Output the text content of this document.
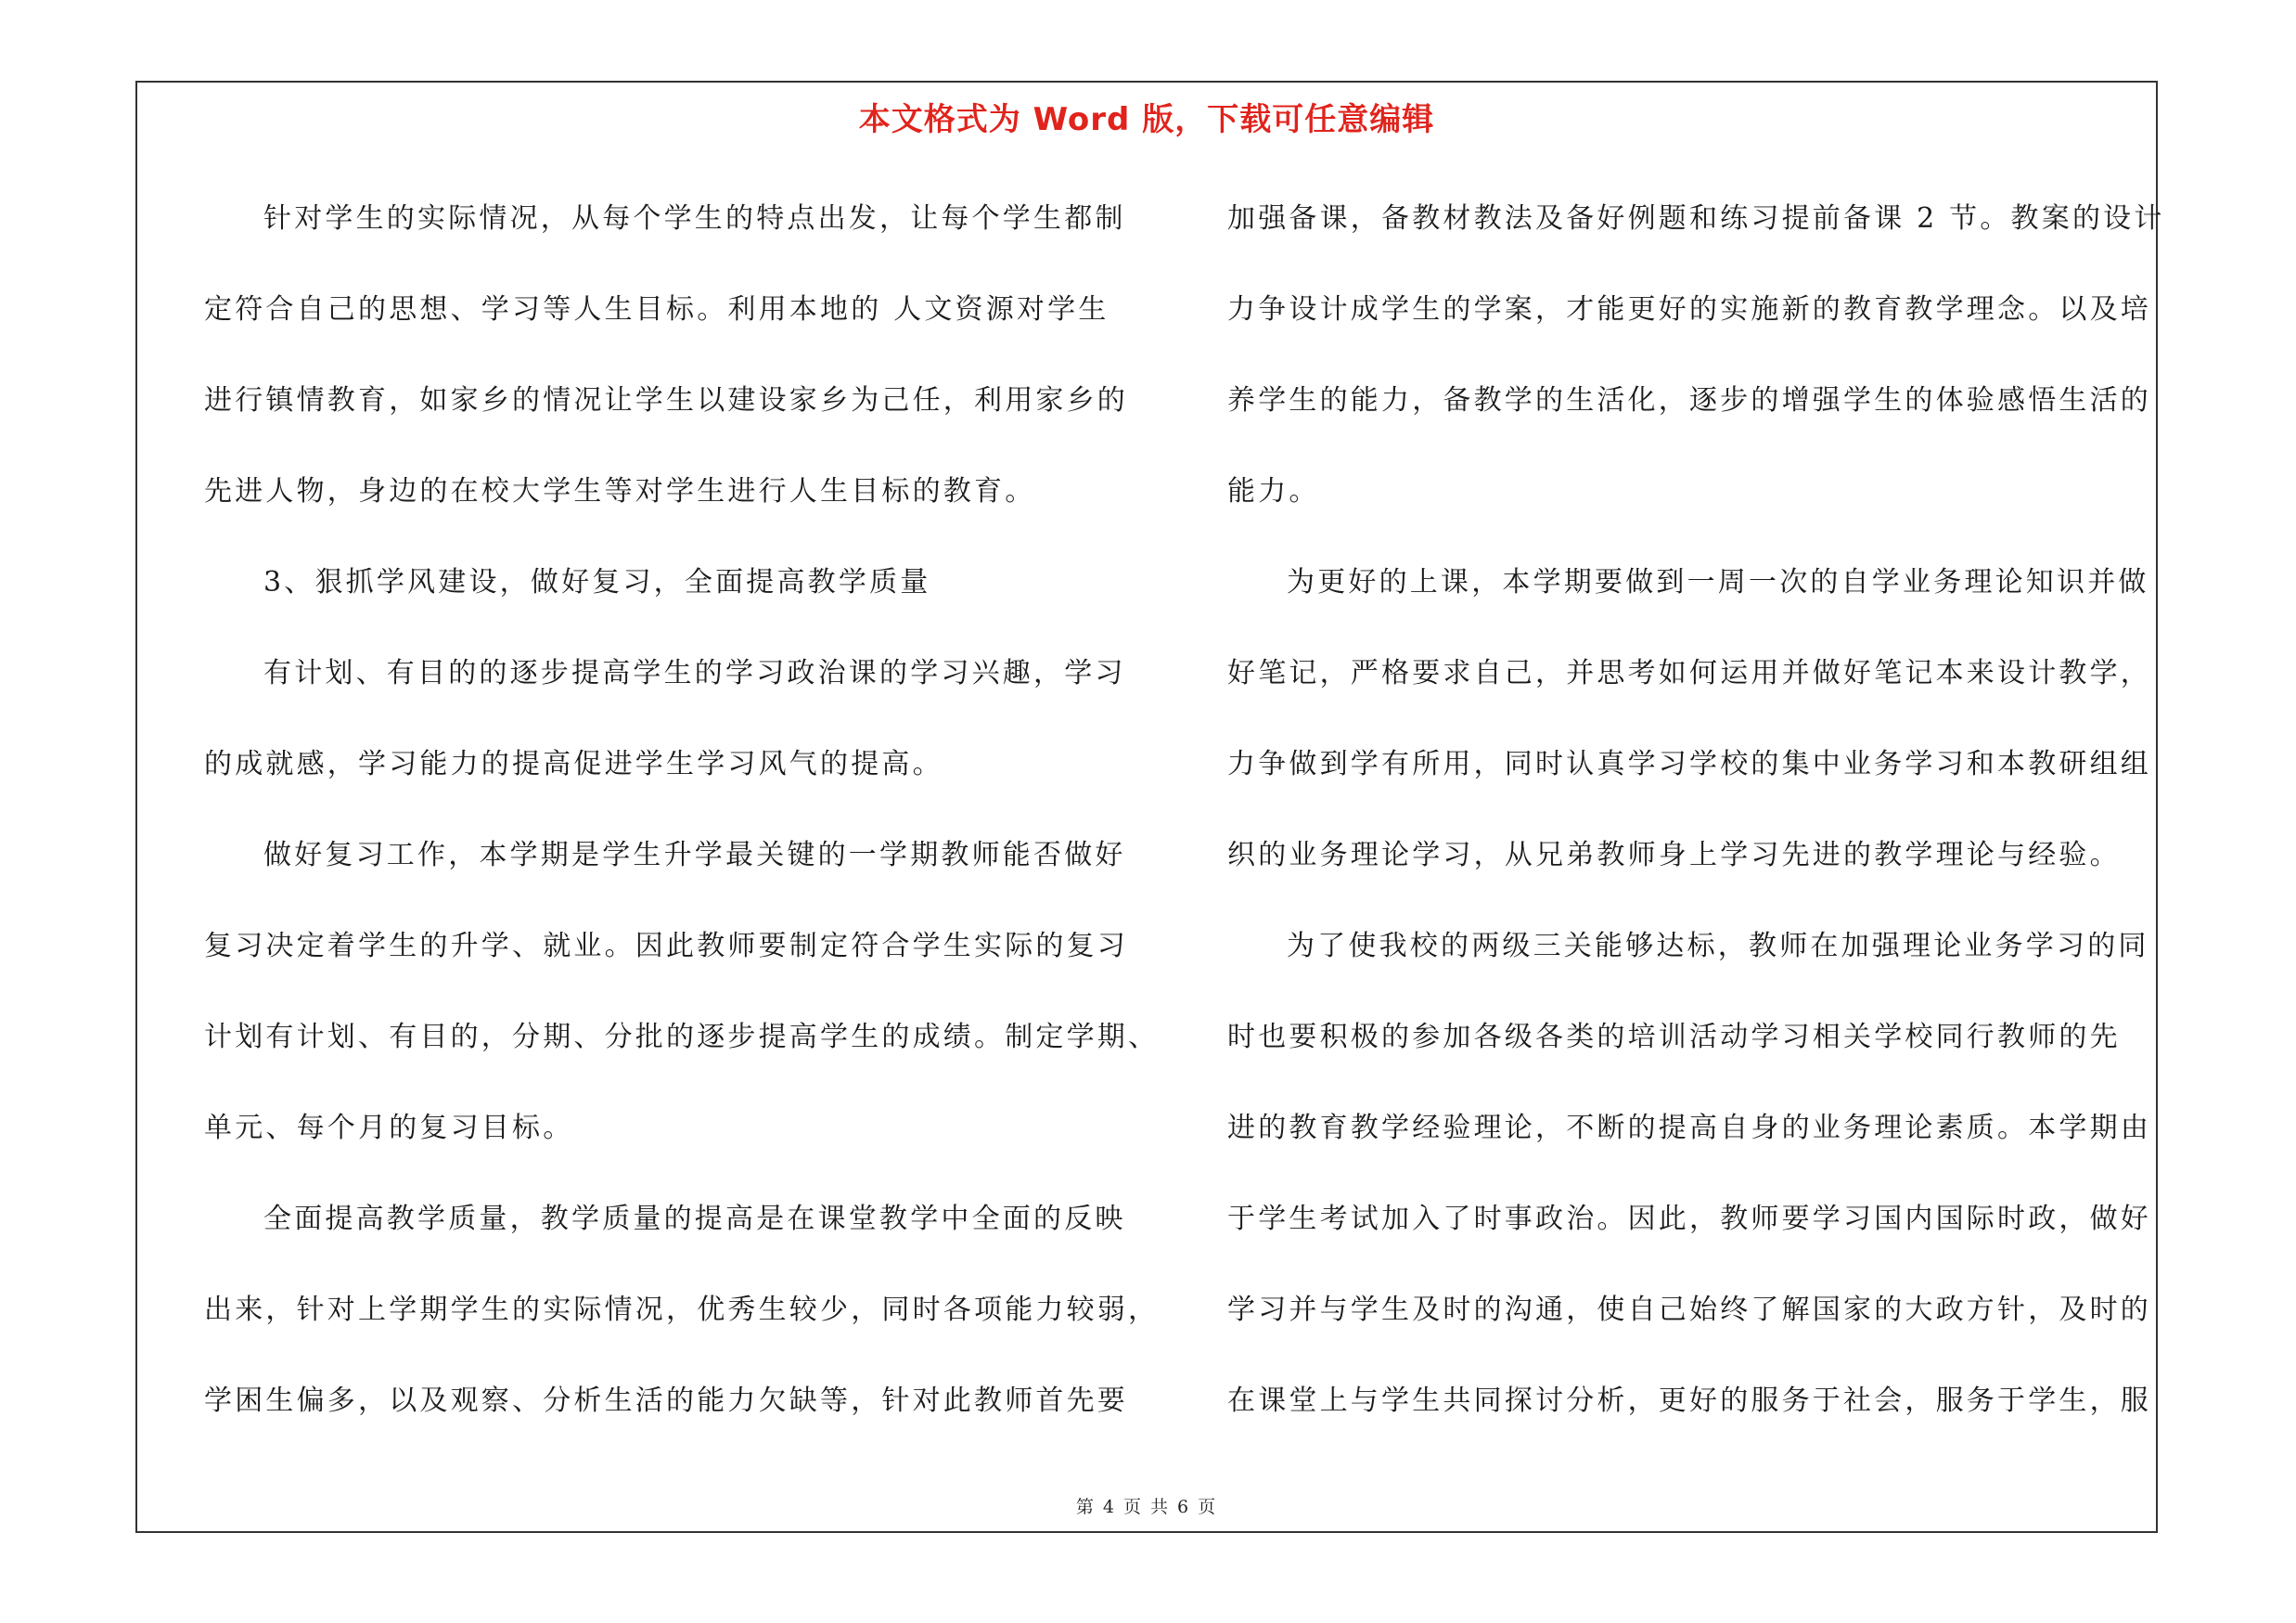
本文格式为 Word 版，下载可任意编辑
针对学生的实际情况，从每个学生的特点出发，让每个学生都制
定符合自己的思想、学习等人生目标。利用本地的 人文资源对学生
进行镇情教育，如家乡的情况让学生以建设家乡为己任，利用家乡的
先进人物，身边的在校大学生等对学生进行人生目标的教育。
3、狠抓学风建设，做好复习，全面提高教学质量
有计划、有目的的逐步提高学生的学习政治课的学习兴趣，学习
的成就感，学习能力的提高促进学生学习风气的提高。
做好复习工作，本学期是学生升学最关键的一学期教师能否做好
复习决定着学生的升学、就业。因此教师要制定符合学生实际的复习
计划有计划、有目的，分期、分批的逐步提高学生的成绩。制定学期、
单元、每个月的复习目标。
全面提高教学质量，教学质量的提高是在课堂教学中全面的反映
出来，针对上学期学生的实际情况，优秀生较少，同时各项能力较弱，
学困生偏多，以及观察、分析生活的能力欠缺等，针对此教师首先要
加强备课，备教材教法及备好例题和练习提前备课 2 节。教案的设计
力争设计成学生的学案，才能更好的实施新的教育教学理念。以及培
养学生的能力，备教学的生活化，逐步的增强学生的体验感悟生活的
能力。
为更好的上课，本学期要做到一周一次的自学业务理论知识并做
好笔记，严格要求自己，并思考如何运用并做好笔记本来设计教学，
力争做到学有所用，同时认真学习学校的集中业务学习和本教研组组
织的业务理论学习，从兄弟教师身上学习先进的教学理论与经验。
为了使我校的两级三关能够达标，教师在加强理论业务学习的同
时也要积极的参加各级各类的培训活动学习相关学校同行教师的先
进的教育教学经验理论，不断的提高自身的业务理论素质。本学期由
于学生考试加入了时事政治。因此，教师要学习国内国际时政，做好
学习并与学生及时的沟通，使自己始终了解国家的大政方针，及时的
在课堂上与学生共同探讨分析，更好的服务于社会，服务于学生，服
第 4 页 共 6 页
